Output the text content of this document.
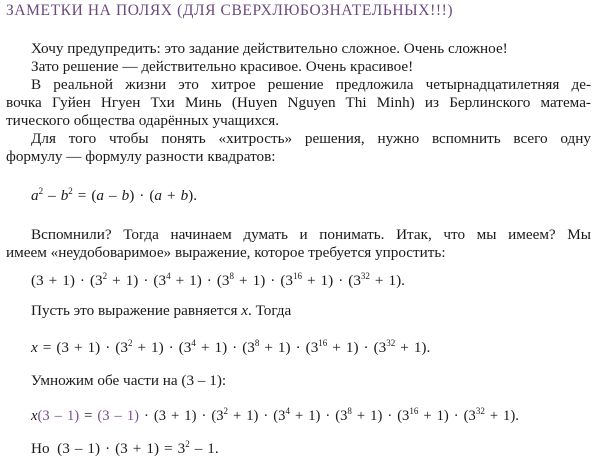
ЗАМЕТКИ НА ПОЛЯХ (ДЛЯ СВЕРХЛЮБОЗНАТЕЛЬНЫХ!!!)
Хочу предупредить: это задание действительно сложное. Очень сложное!
Зато решение — действительно красивое. Очень красивое!
В реальной жизни это хитрое решение предложила четырнадцатилетняя де-
вочка Гуйен Нгуен Тхи Минь (Huyen Nguyen Thi Minh) из Берлинского матема-
тического общества одарённых учащихся.
Для того чтобы понять «хитрость» решения, нужно вспомнить всего одну
формулу — формулу разности квадратов:
$a^2 - b^2 = (a - b) \cdot (a + b)$.
Вспомнили? Тогда начинаем думать и понимать. Итак, что мы имеем? Мы
имеем «неудобоваримое» выражение, которое требуется упростить:
$(3 + 1) \cdot (3^2 + 1) \cdot (3^4 + 1) \cdot (3^8 + 1) \cdot (3^{16} + 1) \cdot (3^{32} + 1)$.
Пусть это выражение равняется x. Тогда
$x = (3 + 1) \cdot (3^2 + 1) \cdot (3^4 + 1) \cdot (3^8 + 1) \cdot (3^{16} + 1) \cdot (3^{32} + 1)$.
Умножим обе части на (3 – 1):
$x(3 - 1) = (3 - 1) \cdot (3 + 1) \cdot (3^2 + 1) \cdot (3^4 + 1) \cdot (3^8 + 1) \cdot (3^{16} + 1) \cdot (3^{32} + 1)$.
Но  $(3 - 1) \cdot (3 + 1) = 3^2 - 1$.
